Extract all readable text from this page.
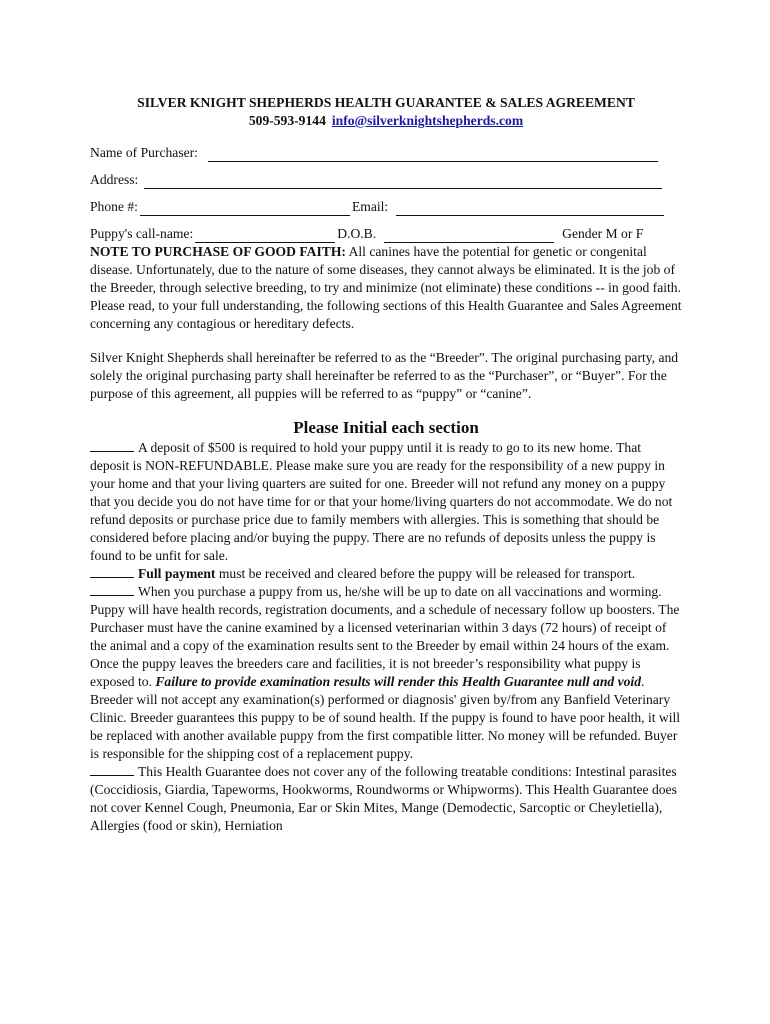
SILVER KNIGHT SHEPHERDS HEALTH GUARANTEE & SALES AGREEMENT
509-593-9144 info@silverknightshepherds.com
Name of Purchaser:
Address:
Phone #:	Email:
Puppy's call-name:	D.O.B.	Gender M or F

NOTE TO PURCHASE OF GOOD FAITH: All canines have the potential for genetic or congenital disease. Unfortunately, due to the nature of some diseases, they cannot always be eliminated. It is the job of the Breeder, through selective breeding, to try and minimize (not eliminate) these conditions -- in good faith. Please read, to your full understanding, the following sections of this Health Guarantee and Sales Agreement concerning any contagious or hereditary defects.

Silver Knight Shepherds shall hereinafter be referred to as the “Breeder”. The original purchasing party, and solely the original purchasing party shall hereinafter be referred to as the “Purchaser”, or “Buyer”. For the purpose of this agreement, all puppies will be referred to as “puppy” or “canine”.

Please Initial each section

A deposit of $500 is required to hold your puppy until it is ready to go to its new home. That deposit is NON-REFUNDABLE. Please make sure you are ready for the responsibility of a new puppy in your home and that your living quarters are suited for one. Breeder will not refund any money on a puppy that you decide you do not have time for or that your home/living quarters do not accommodate. We do not refund deposits or purchase price due to family members with allergies. This is something that should be considered before placing and/or buying the puppy. There are no refunds of deposits unless the puppy is found to be unfit for sale.

Full payment must be received and cleared before the puppy will be released for transport.

When you purchase a puppy from us, he/she will be up to date on all vaccinations and worming. Puppy will have health records, registration documents, and a schedule of necessary follow up boosters. The Purchaser must have the canine examined by a licensed veterinarian within 3 days (72 hours) of receipt of the animal and a copy of the examination results sent to the Breeder by email within 24 hours of the exam. Once the puppy leaves the breeders care and facilities, it is not breeder’s responsibility what puppy is exposed to. Failure to provide examination results will render this Health Guarantee null and void. Breeder will not accept any examination(s) performed or diagnosis' given by/from any Banfield Veterinary Clinic. Breeder guarantees this puppy to be of sound health. If the puppy is found to have poor health, it will be replaced with another available puppy from the first compatible litter. No money will be refunded. Buyer is responsible for the shipping cost of a replacement puppy.

This Health Guarantee does not cover any of the following treatable conditions: Intestinal parasites (Coccidiosis, Giardia, Tapeworms, Hookworms, Roundworms or Whipworms). This Health Guarantee does not cover Kennel Cough, Pneumonia, Ear or Skin Mites, Mange (Demodectic, Sarcoptic or Cheyletiella), Allergies (food or skin), Herniation
